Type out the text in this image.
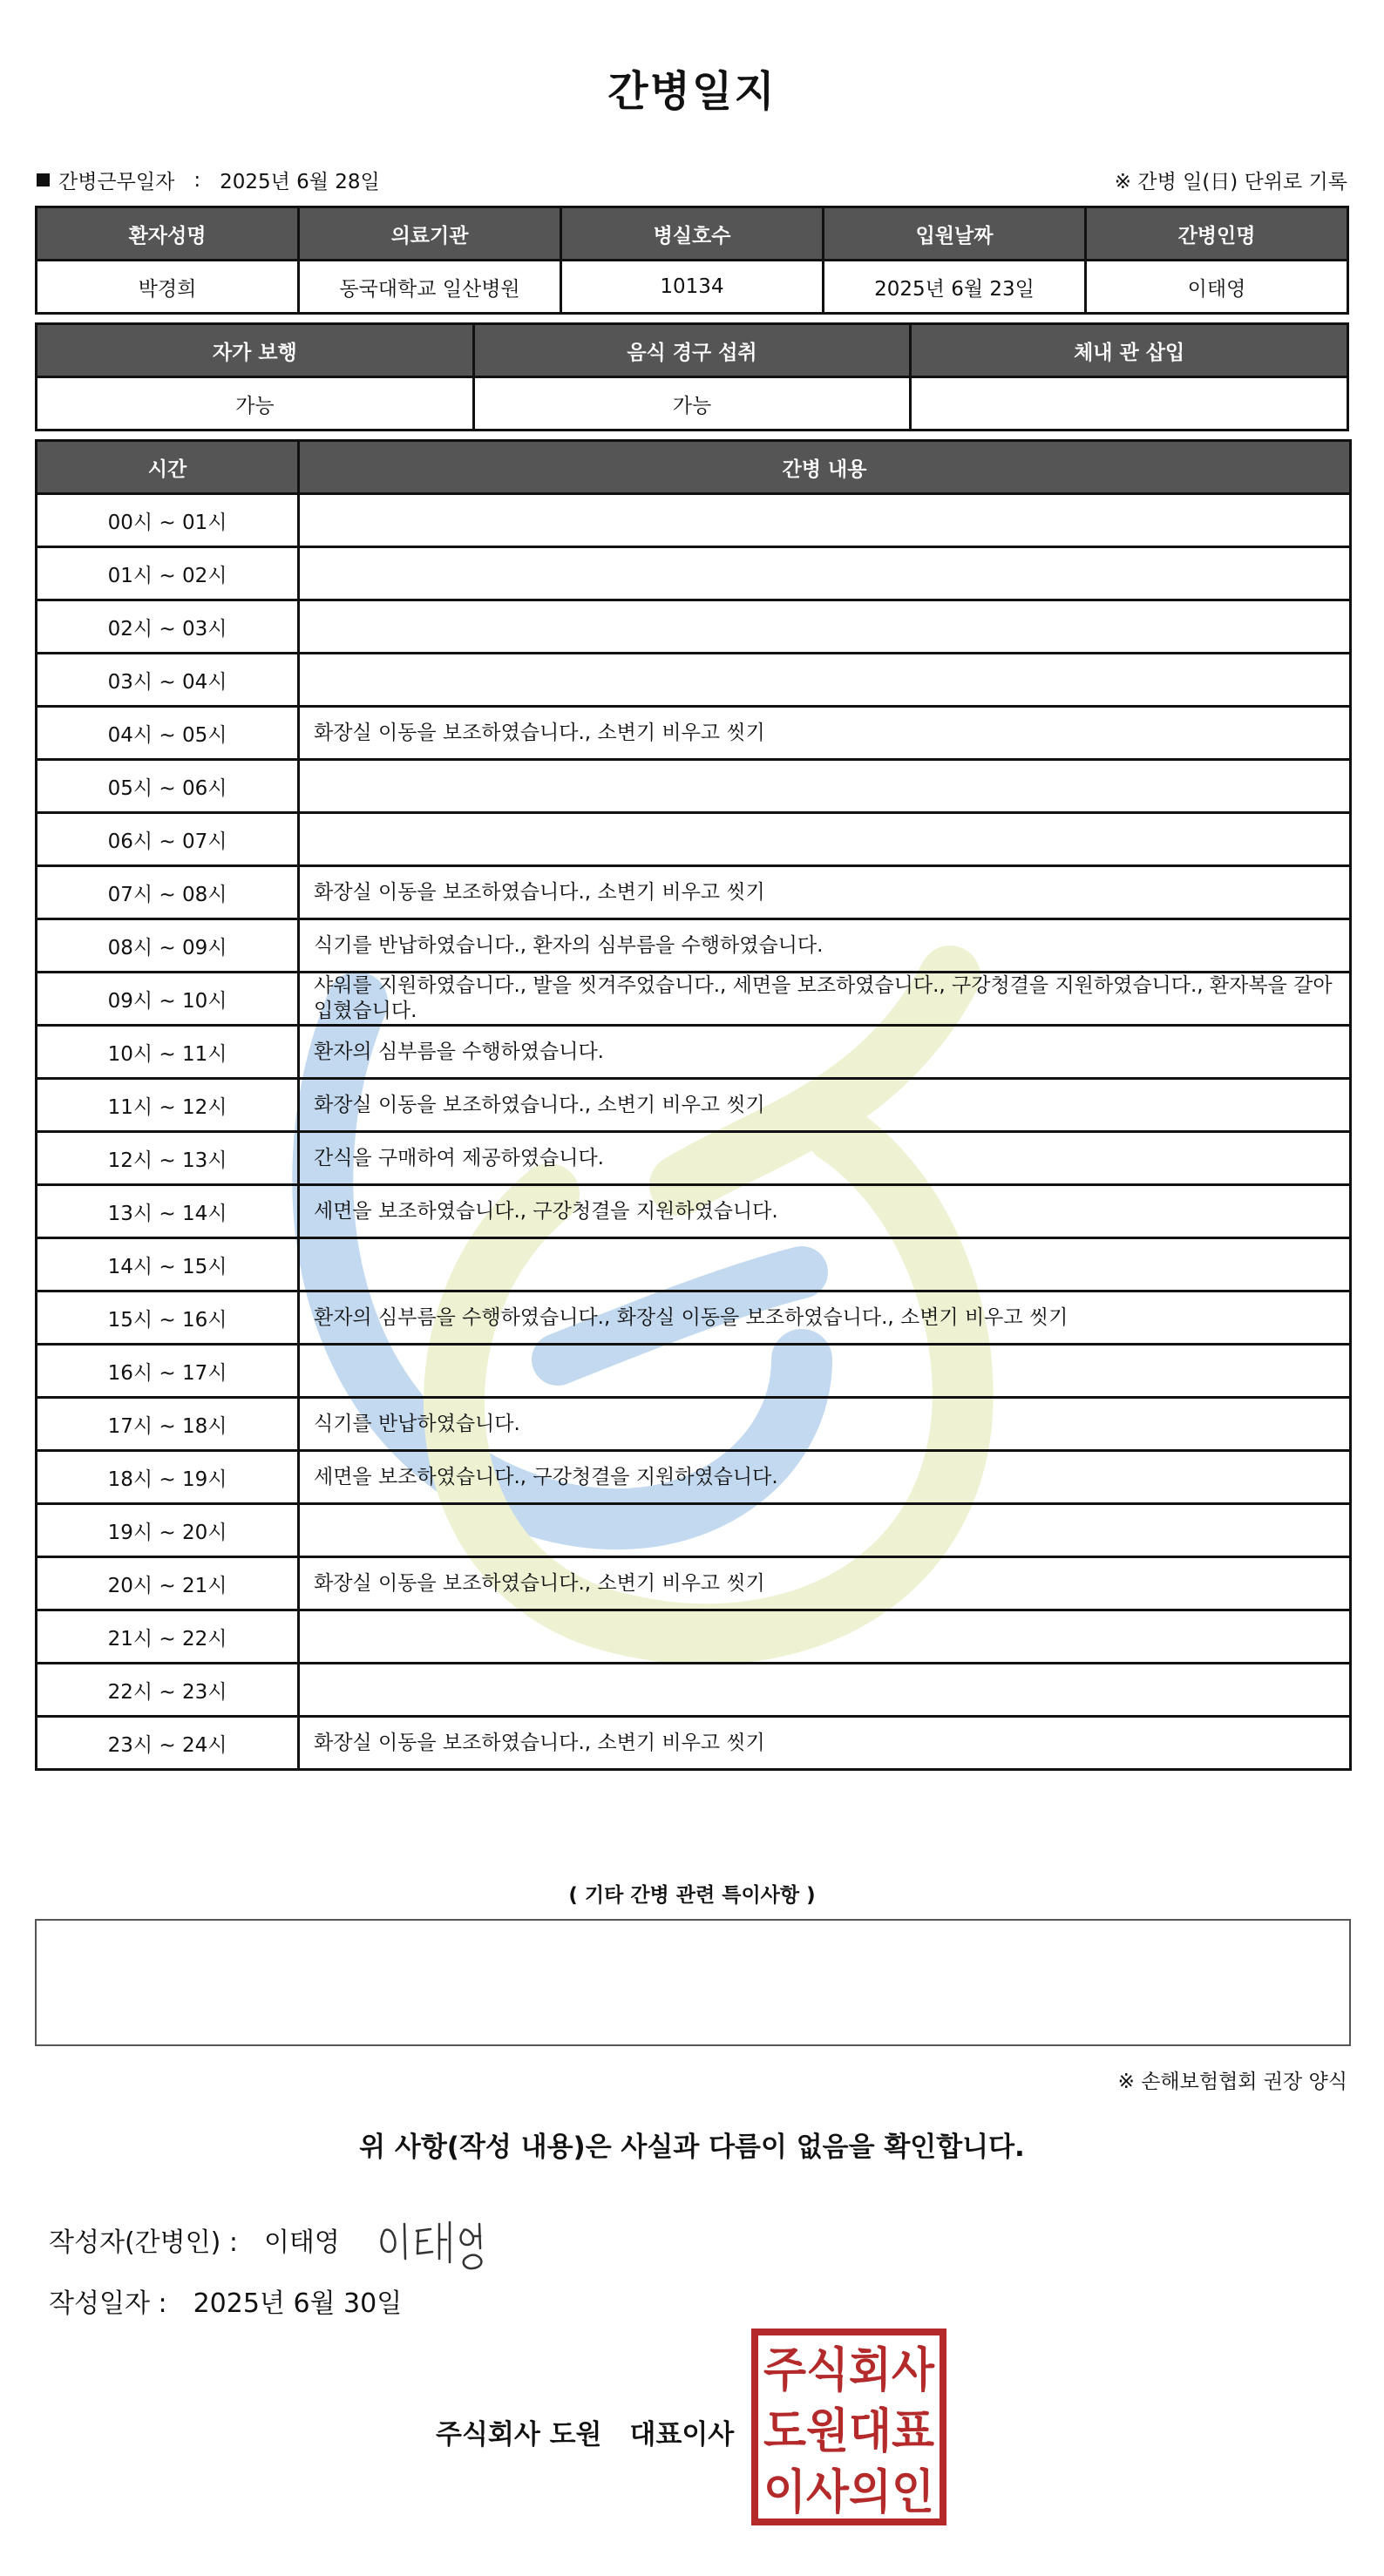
간병일지
간병근무일자 : 2025년 6월 28일	※ 간병 일(日) 단위로 기록
환자성명	의료기관	병실호수	입원날짜	간병인명
박경희	동국대학교 일산병원	10134	2025년 6월 23일	이태영
자가 보행	음식 경구 섭취	체내 관 삽입
가능	가능	
시간	간병 내용
00시 ~ 01시	
01시 ~ 02시	
02시 ~ 03시	
03시 ~ 04시	
04시 ~ 05시	화장실 이동을 보조하였습니다., 소변기 비우고 씻기
05시 ~ 06시	
06시 ~ 07시	
07시 ~ 08시	화장실 이동을 보조하였습니다., 소변기 비우고 씻기
08시 ~ 09시	식기를 반납하였습니다., 환자의 심부름을 수행하였습니다.
09시 ~ 10시	샤워를 지원하였습니다., 발을 씻겨주었습니다., 세면을 보조하였습니다., 구강청결을 지원하였습니다., 환자복을 갈아입혔습니다.
10시 ~ 11시	환자의 심부름을 수행하였습니다.
11시 ~ 12시	화장실 이동을 보조하였습니다., 소변기 비우고 씻기
12시 ~ 13시	간식을 구매하여 제공하였습니다.
13시 ~ 14시	세면을 보조하였습니다., 구강청결을 지원하였습니다.
14시 ~ 15시	
15시 ~ 16시	환자의 심부름을 수행하였습니다., 화장실 이동을 보조하였습니다., 소변기 비우고 씻기
16시 ~ 17시	
17시 ~ 18시	식기를 반납하였습니다.
18시 ~ 19시	세면을 보조하였습니다., 구강청결을 지원하였습니다.
19시 ~ 20시	
20시 ~ 21시	화장실 이동을 보조하였습니다., 소변기 비우고 씻기
21시 ~ 22시	
22시 ~ 23시	
23시 ~ 24시	화장실 이동을 보조하였습니다., 소변기 비우고 씻기
( 기타 간병 관련 특이사항 )
※ 손해보험협회 권장 양식
위 사항(작성 내용)은 사실과 다름이 없음을 확인합니다.
작성자(간병인) : 이태영
작성일자 : 2025년 6월 30일
주식회사 도원 대표이사
주식회사
도원대표
이사의인
